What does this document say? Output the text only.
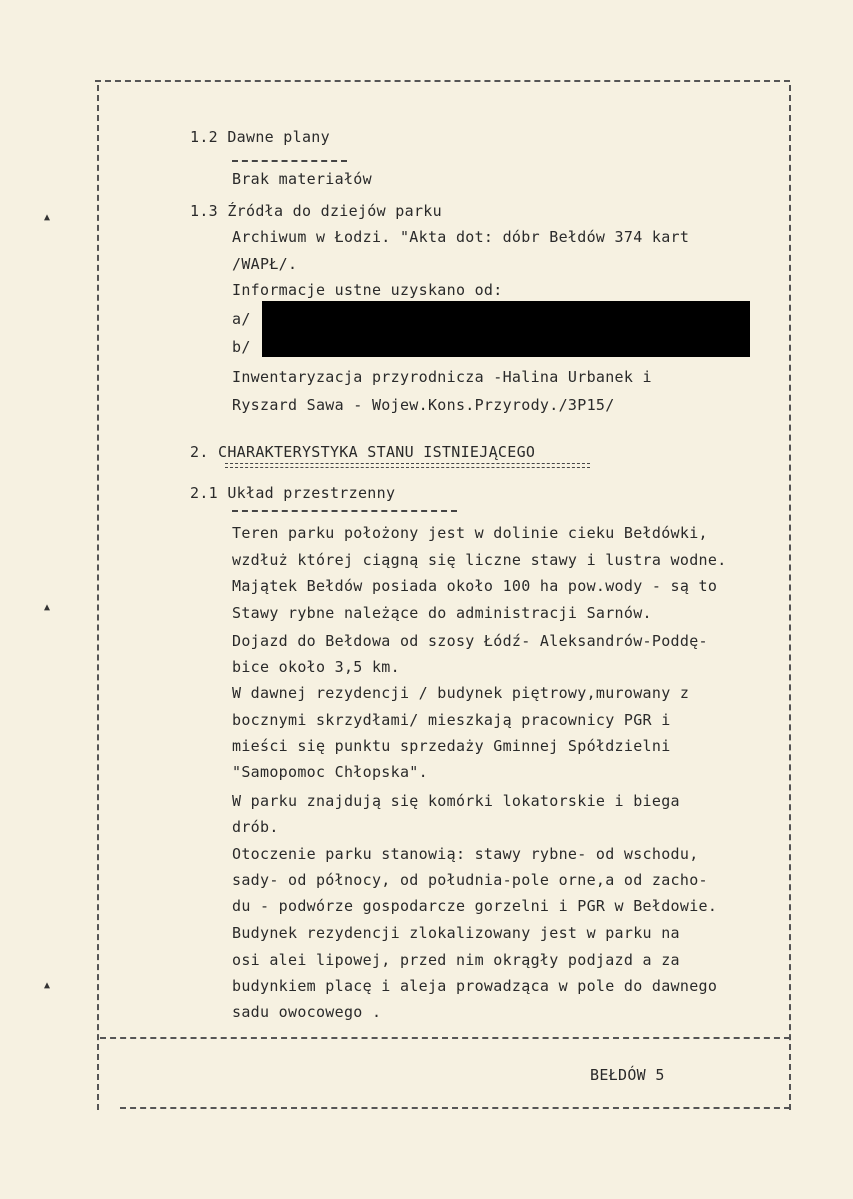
▲
▲
▲
1.2 Dawne plany
Brak materiałów
1.3 Źródła do dziejów parku
Archiwum w Łodzi. "Akta dot: dóbr Bełdów 374 kart
/WAPŁ/.
Informacje ustne uzyskano od:
a/
b/
Inwentaryzacja przyrodnicza -Halina Urbanek i
Ryszard Sawa - Wojew.Kons.Przyrody./3P15/
2. CHARAKTERYSTYKA STANU ISTNIEJĄCEGO
2.1 Układ przestrzenny
Teren parku położony jest w dolinie cieku Bełdówki,
wzdłuż której ciągną się liczne stawy i lustra wodne.
Majątek Bełdów posiada około 100 ha pow.wody - są to
Stawy rybne należące do administracji Sarnów.
Dojazd do Bełdowa od szosy Łódź- Aleksandrów-Poddę-
bice około 3,5 km.
W dawnej rezydencji / budynek piętrowy,murowany z
bocznymi skrzydłami/ mieszkają pracownicy PGR i
mieści się punktu sprzedaży Gminnej Spółdzielni
"Samopomoc Chłopska".
W parku znajdują się komórki lokatorskie i biega
drób.
Otoczenie parku stanowią: stawy rybne- od wschodu,
sady- od północy, od południa-pole orne,a od zacho-
du - podwórze gospodarcze gorzelni i PGR w Bełdowie.
Budynek rezydencji zlokalizowany jest w parku na
osi alei lipowej, przed nim okrągły podjazd a za
budynkiem placę i aleja prowadząca w pole do dawnego
sadu owocowego .
BEŁDÓW 5
